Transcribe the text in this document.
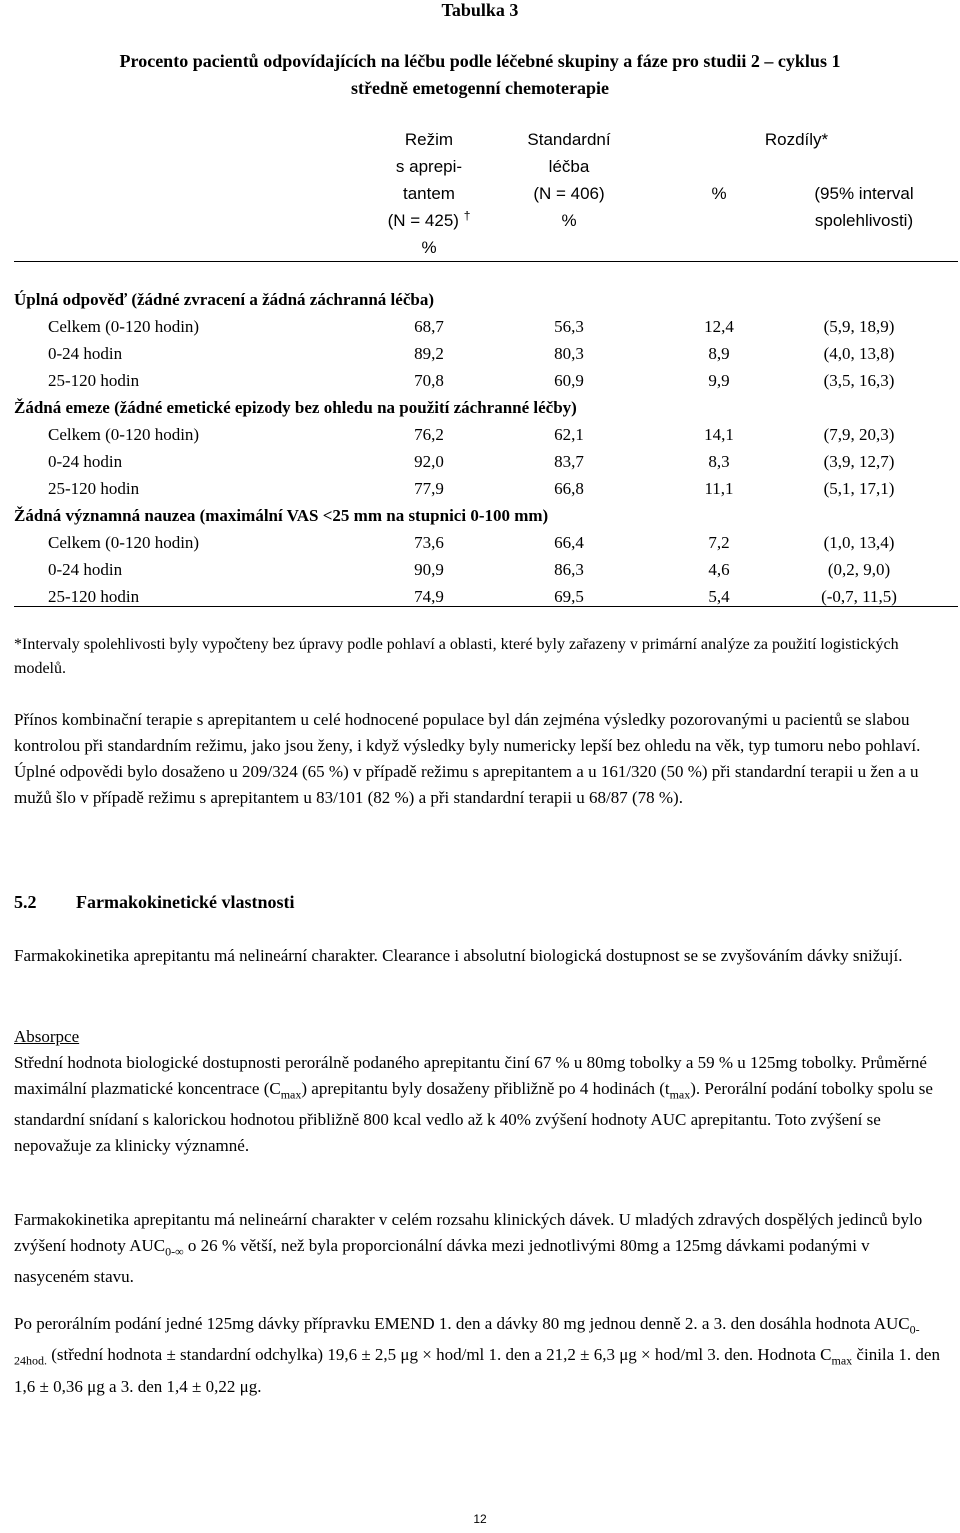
Tabulka 3
Procento pacientů odpovídajících na léčbu podle léčebné skupiny a fáze pro studii 2 – cyklus 1
středně emetogenní chemoterapie
Režim
s aprepi-
tantem
(N = 425) †
%
Standardní
léčba
(N = 406)
%
Rozdíly*
%	(95% interval
spolehlivosti)
Úplná odpověď (žádné zvracení a žádná záchranná léčba)
Celkem (0-120 hodin)	68,7	56,3	12,4	(5,9, 18,9)
0-24 hodin	89,2	80,3	8,9	(4,0, 13,8)
25-120 hodin	70,8	60,9	9,9	(3,5, 16,3)
Žádná emeze (žádné emetické epizody bez ohledu na použití záchranné léčby)
Celkem (0-120 hodin)	76,2	62,1	14,1	(7,9, 20,3)
0-24 hodin	92,0	83,7	8,3	(3,9, 12,7)
25-120 hodin	77,9	66,8	11,1	(5,1, 17,1)
Žádná významná nauzea (maximální VAS <25 mm na stupnici 0-100 mm)
Celkem (0-120 hodin)	73,6	66,4	7,2	(1,0, 13,4)
0-24 hodin	90,9	86,3	4,6	(0,2, 9,0)
25-120 hodin	74,9	69,5	5,4	(-0,7, 11,5)
*Intervaly spolehlivosti byly vypočteny bez úpravy podle pohlaví a oblasti, které byly zařazeny v primární analýze za použití logistických modelů.

Přínos kombinační terapie s aprepitantem u celé hodnocené populace byl dán zejména výsledky pozorovanými u pacientů se slabou kontrolou při standardním režimu, jako jsou ženy, i když výsledky byly numericky lepší bez ohledu na věk, typ tumoru nebo pohlaví. Úplné odpovědi bylo dosaženo u 209/324 (65 %) v případě režimu s aprepitantem a u 161/320 (50 %) při standardní terapii u žen a u mužů šlo v případě režimu s aprepitantem u 83/101 (82 %) a při standardní terapii u 68/87 (78 %).

5.2 Farmakokinetické vlastnosti

Farmakokinetika aprepitantu má nelineární charakter. Clearance i absolutní biologická dostupnost se se zvyšováním dávky snižují.

Absorpce

Střední hodnota biologické dostupnosti perorálně podaného aprepitantu činí 67 % u 80mg tobolky a 59 % u 125mg tobolky. Průměrné maximální plazmatické koncentrace $(C_{max})$ aprepitantu byly dosaženy přibližně po 4 hodinách $(t_{max})$. Perorální podání tobolky spolu se standardní snídaní s kalorickou hodnotou přibližně 800 kcal vedlo až k 40% zvýšení hodnoty AUC aprepitantu. Toto zvýšení se nepovažuje za klinicky významné.

Farmakokinetika aprepitantu má nelineární charakter v celém rozsahu klinických dávek. U mladých zdravých dospělých jedinců bylo zvýšení hodnoty $AUC_{0-\infty}$ o 26 % větší, než byla proporcionální dávka mezi jednotlivými 80mg a 125mg dávkami podanými v nasyceném stavu.

Po perorálním podání jedné 125mg dávky přípravku EMEND 1. den a dávky 80 mg jednou denně 2. a 3. den dosáhla hodnota $AUC_{0-24hod.}$ (střední hodnota ± standardní odchylka) 19,6 ± 2,5 μg × hod/ml 1. den a 21,2 ± 6,3 μg × hod/ml 3. den. Hodnota $C_{max}$ činila 1. den 1,6 ± 0,36 μg a 3. den 1,4 ± 0,22 μg.

12
